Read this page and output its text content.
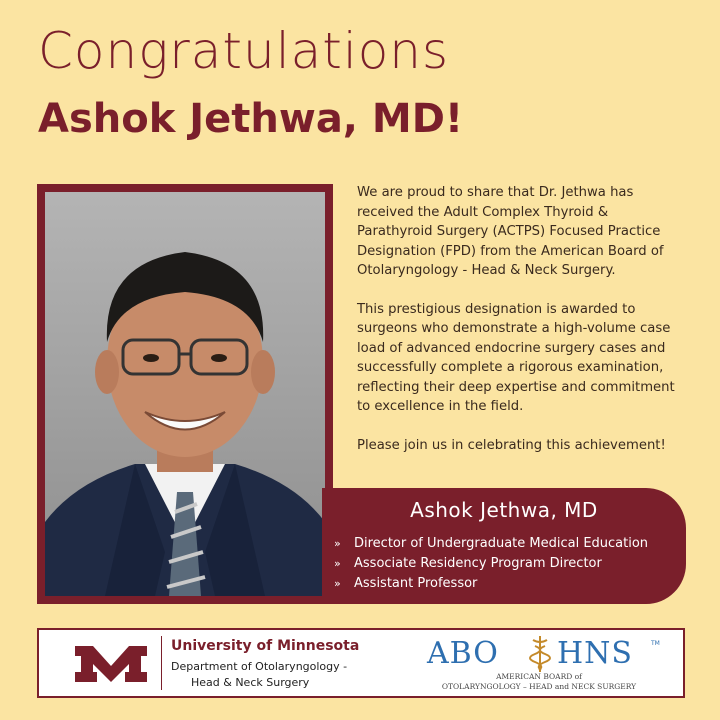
Congratulations
Ashok Jethwa, MD!

We are proud to share that Dr. Jethwa has received the Adult Complex Thyroid & Parathyroid Surgery (ACTPS) Focused Practice Designation (FPD) from the American Board of Otolaryngology - Head & Neck Surgery.

This prestigious designation is awarded to surgeons who demonstrate a high-volume case load of advanced endocrine surgery cases and successfully complete a rigorous examination, reflecting their deep expertise and commitment to excellence in the field.

Please join us in celebrating this achievement!

Ashok Jethwa, MD
» Director of Undergraduate Medical Education
» Associate Residency Program Director
» Assistant Professor
University of Minnesota
Department of Otolaryngology -
Head & Neck Surgery
ABO HNS	TM
AMERICAN BOARD of
OTOLARYNGOLOGY – HEAD and NECK SURGERY
